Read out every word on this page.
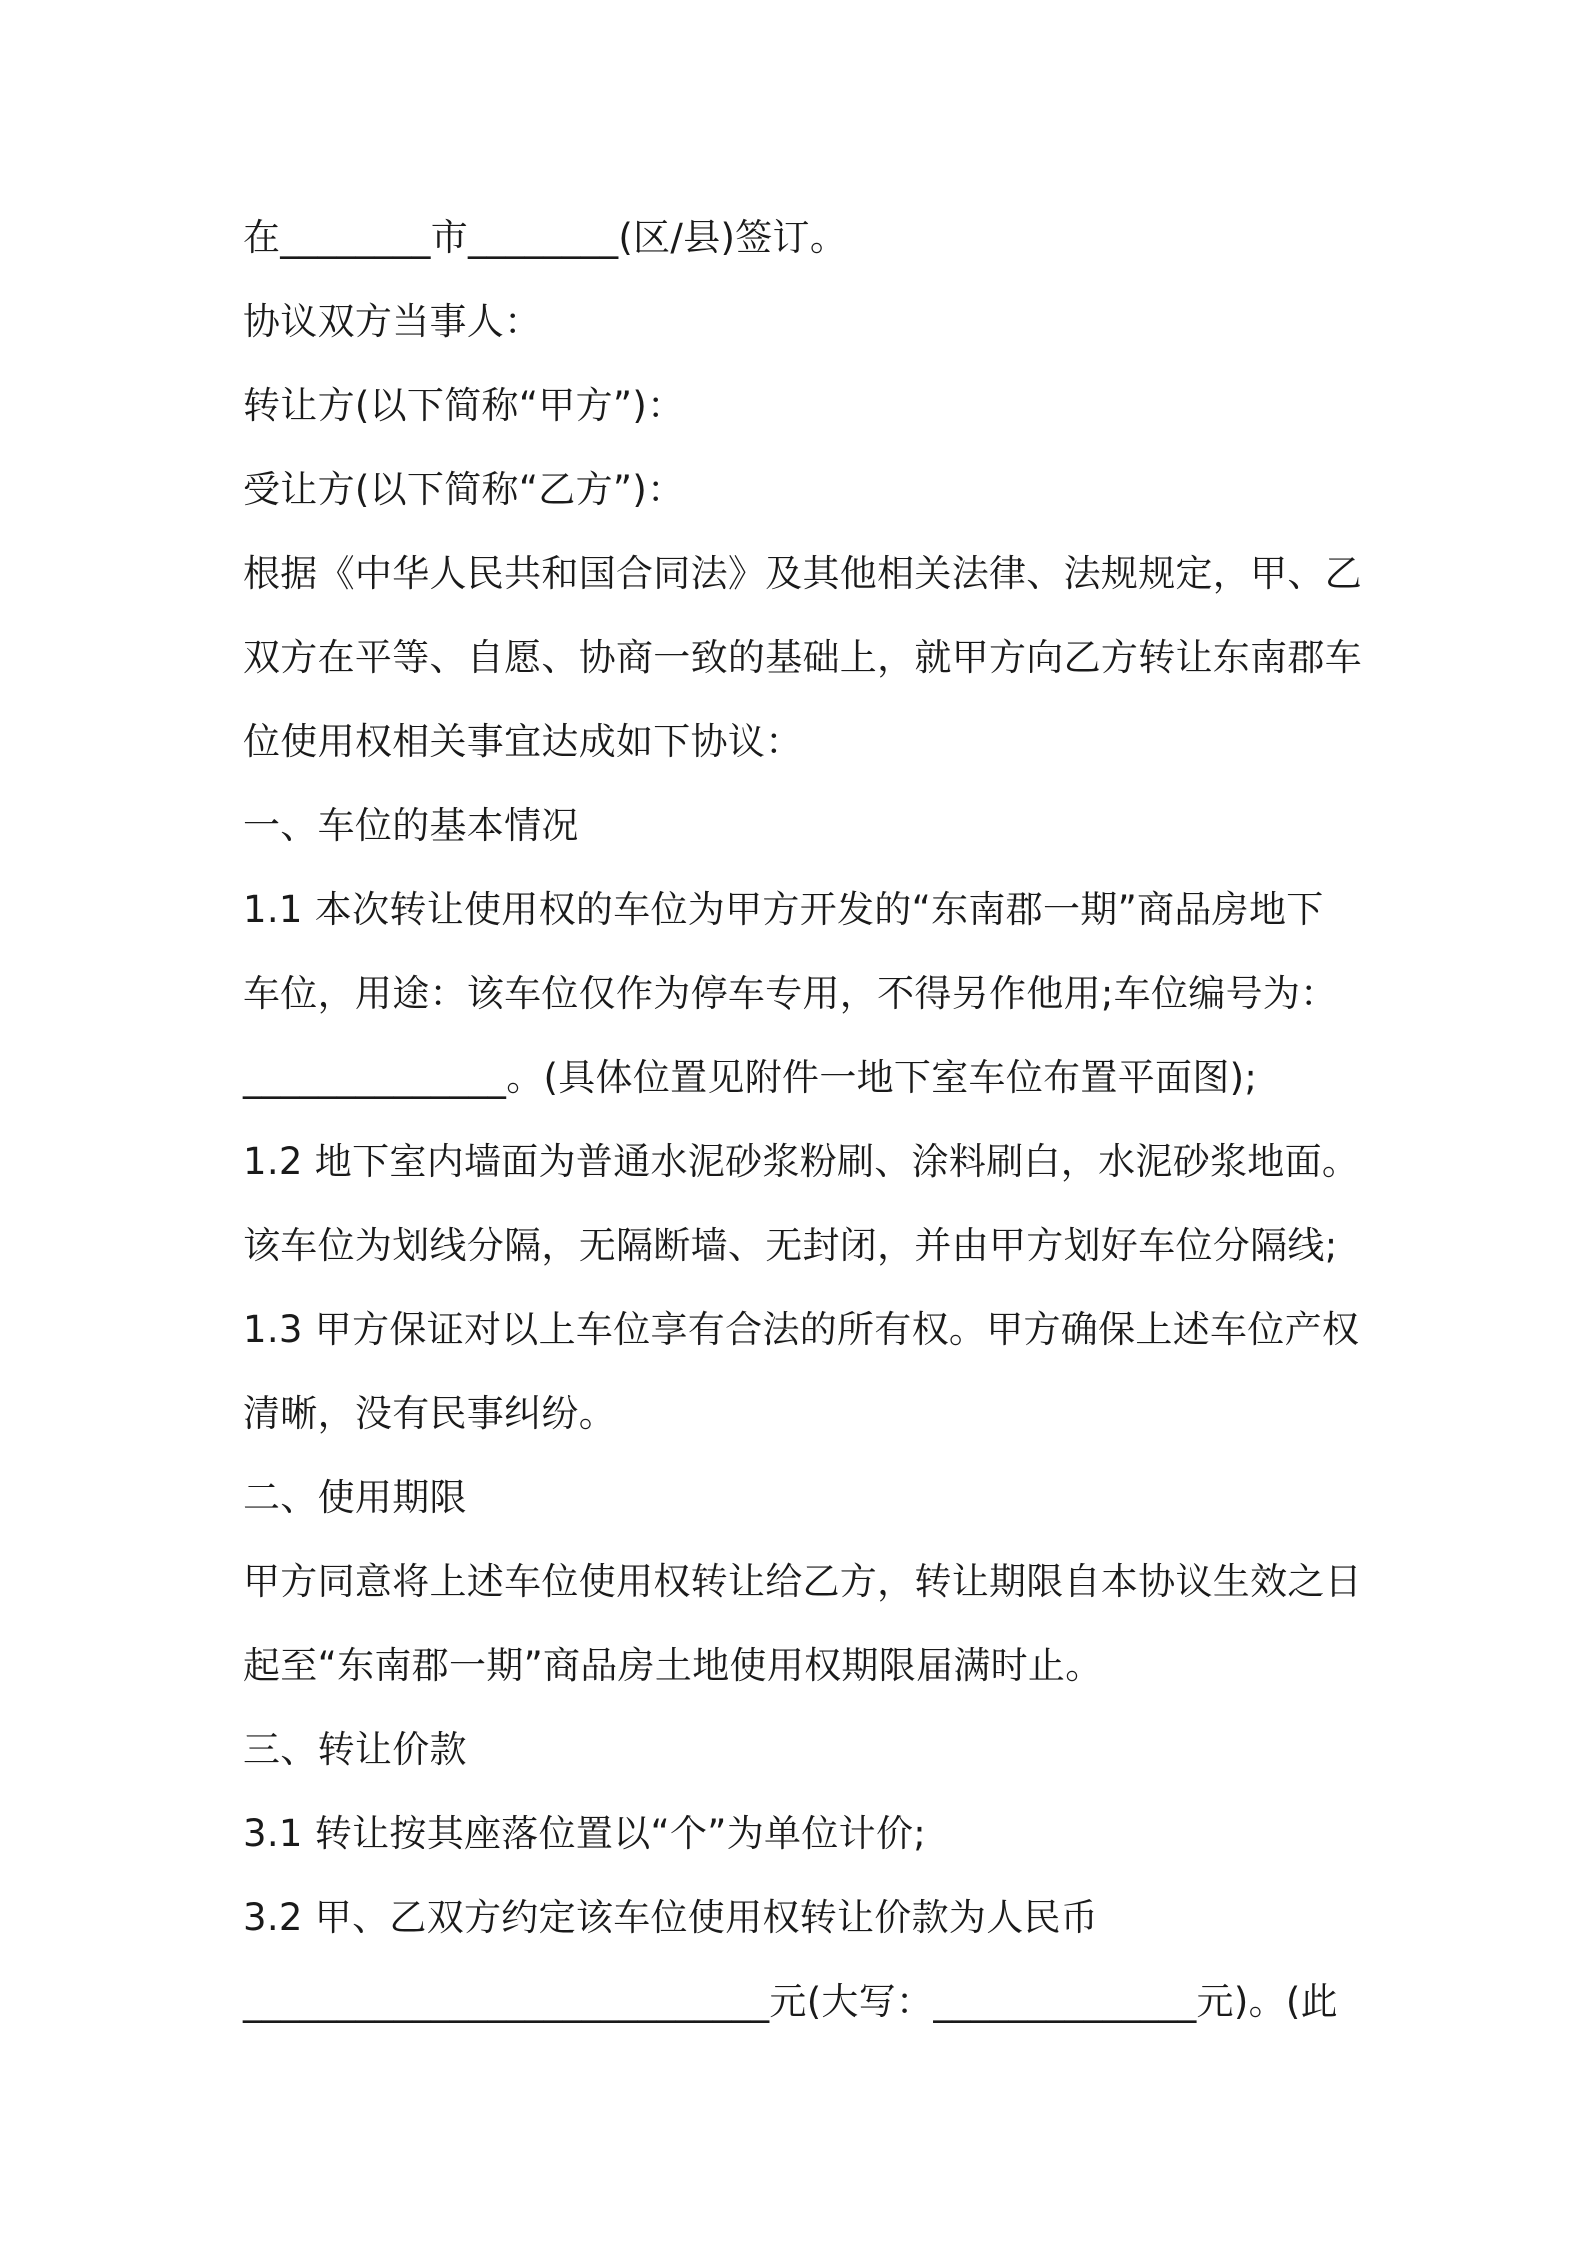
在________市________(区/县)签订。
协议双方当事人：
转让方(以下简称“甲方”)：
受让方(以下简称“乙方”)：
根据《中华人民共和国合同法》及其他相关法律、法规规定，甲、乙
双方在平等、自愿、协商一致的基础上，就甲方向乙方转让东南郡车
位使用权相关事宜达成如下协议：
一、车位的基本情况
1.1 本次转让使用权的车位为甲方开发的“东南郡一期”商品房地下
车位，用途：该车位仅作为停车专用，不得另作他用;车位编号为：
______________。(具体位置见附件一地下室车位布置平面图);
1.2 地下室内墙面为普通水泥砂浆粉刷、涂料刷白，水泥砂浆地面。
该车位为划线分隔，无隔断墙、无封闭，并由甲方划好车位分隔线;
1.3 甲方保证对以上车位享有合法的所有权。甲方确保上述车位产权
清晰，没有民事纠纷。
二、使用期限
甲方同意将上述车位使用权转让给乙方，转让期限自本协议生效之日
起至“东南郡一期”商品房土地使用权期限届满时止。
三、转让价款
3.1 转让按其座落位置以“个”为单位计价;
3.2 甲、乙双方约定该车位使用权转让价款为人民币
____________________________元(大写：______________元)。(此
